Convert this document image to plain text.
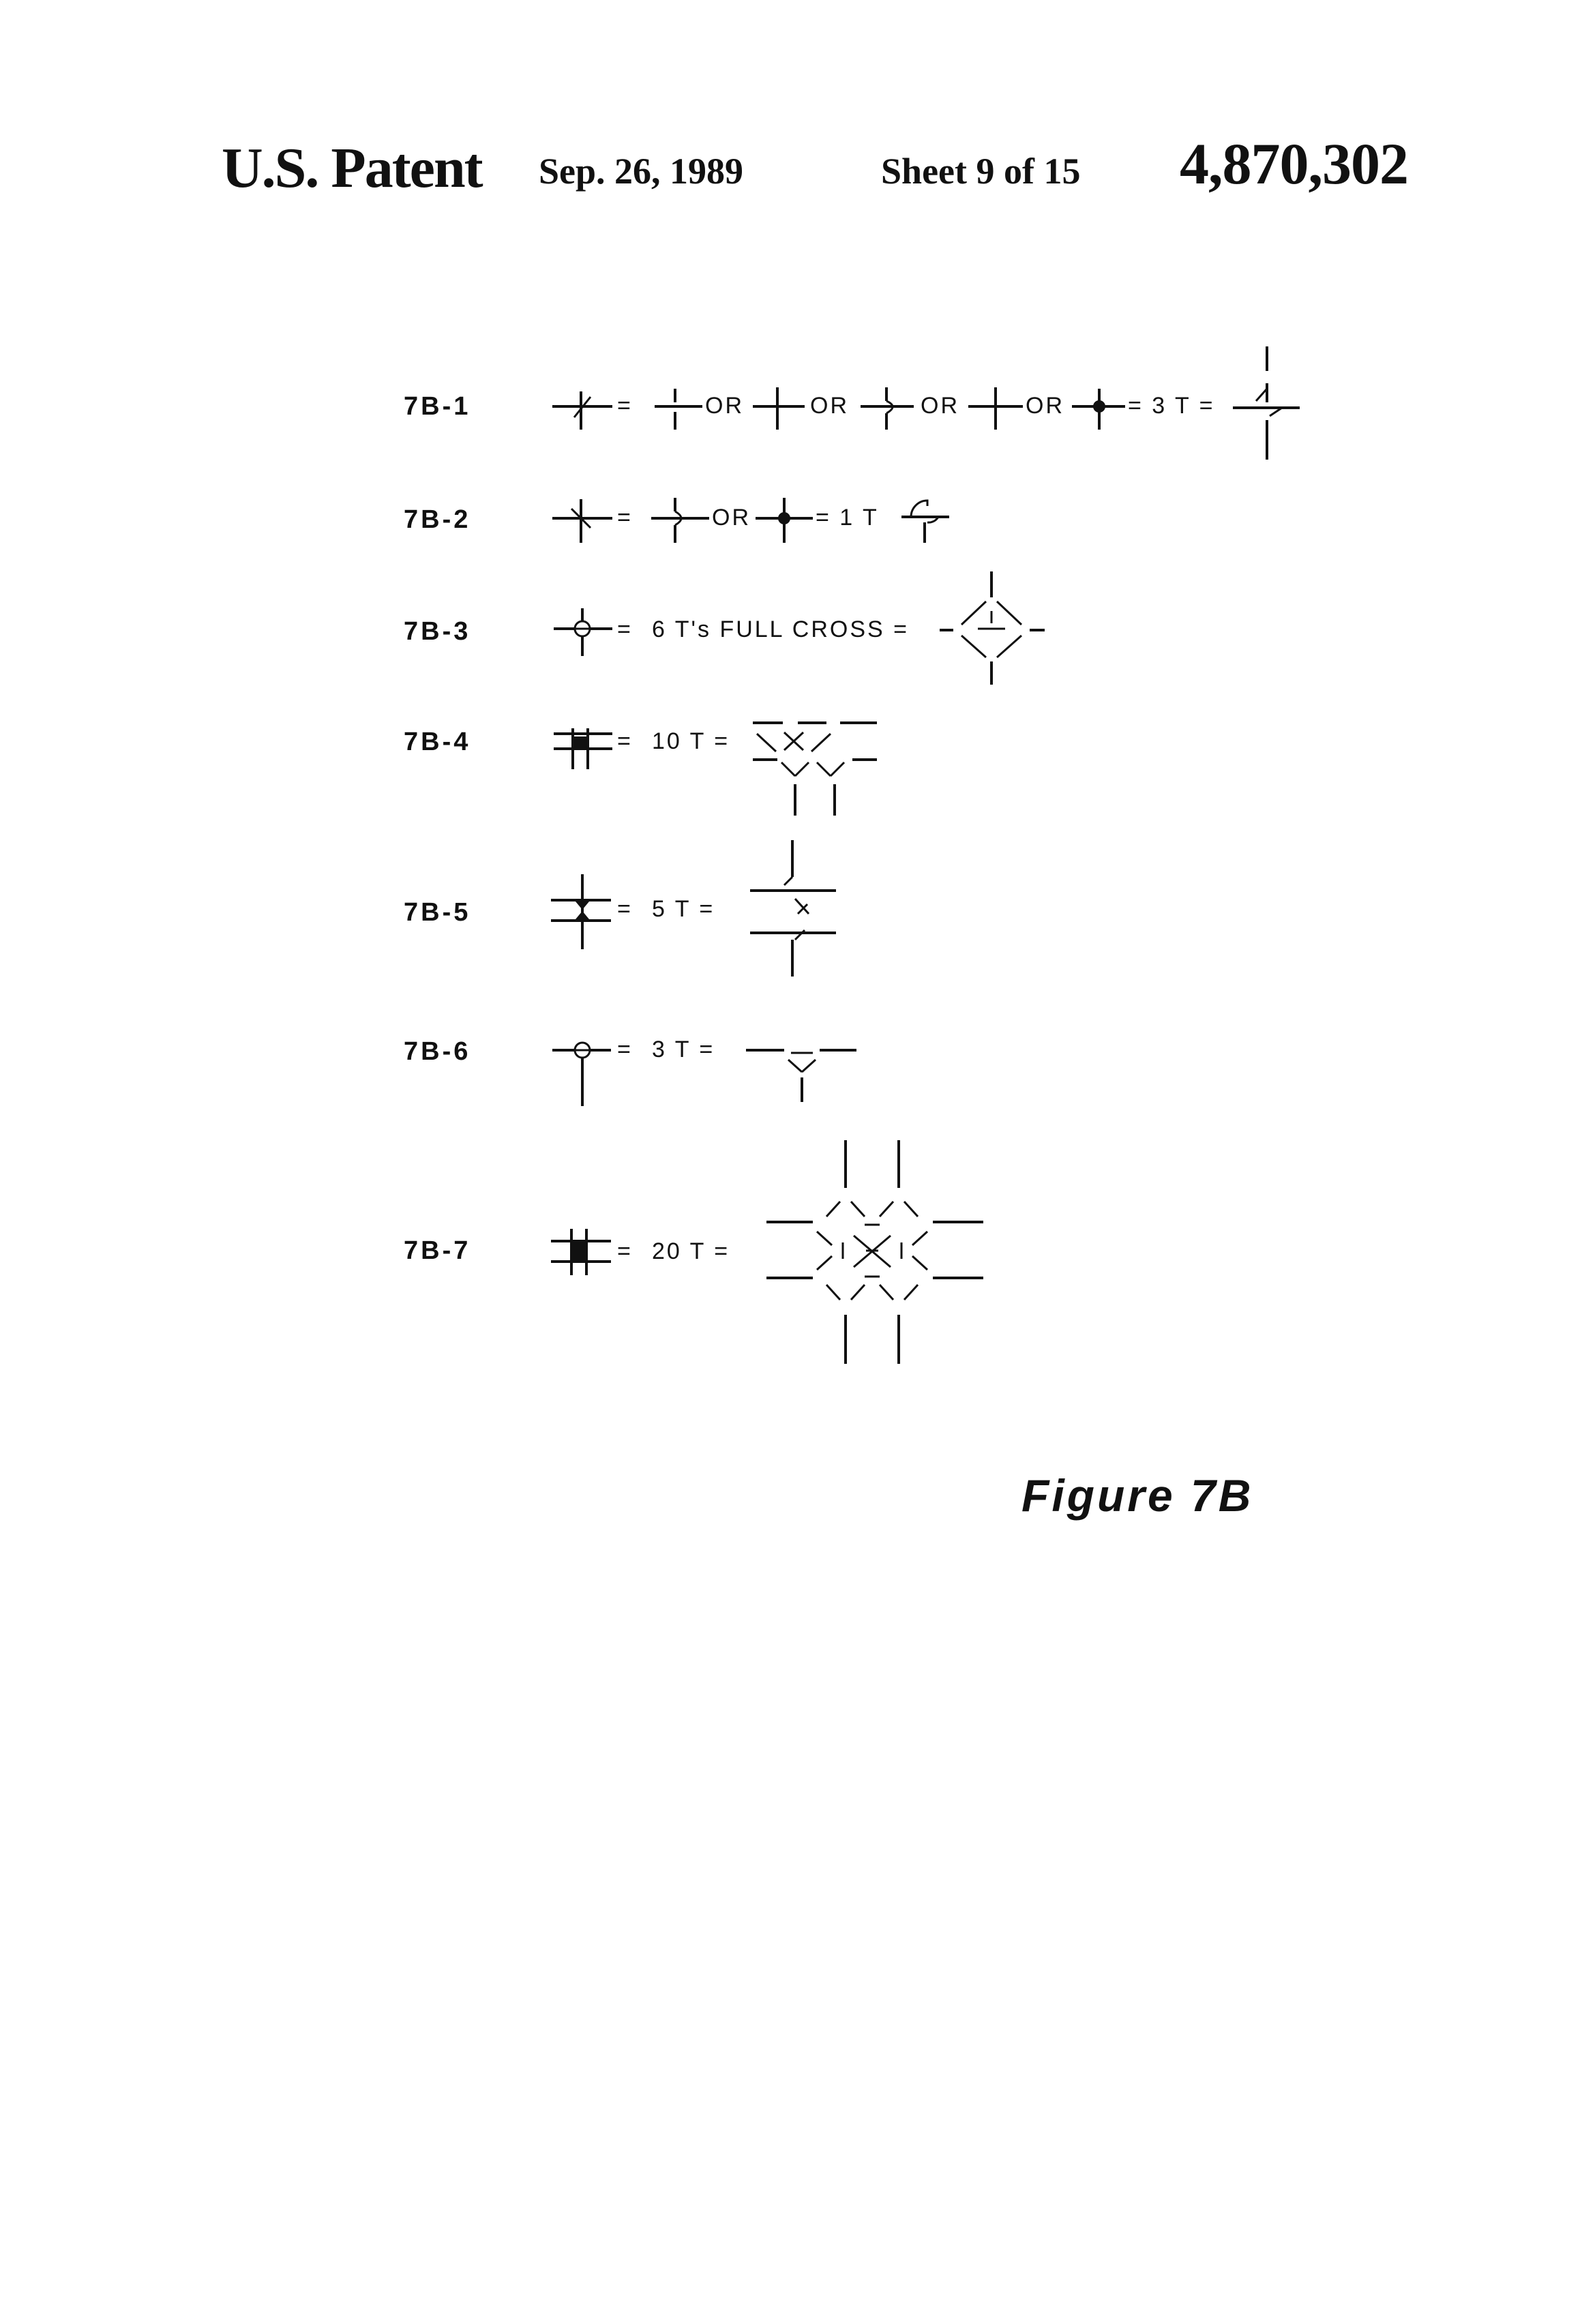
U.S. Patent Sep. 26, 1989	Sheet 9 of 15 4,870,302
7B-1	=	OR	OR	OR	OR	= 3 T =
7B-2	=	OR	= 1 T
7B-3	= 6 T's FULL CROSS =
7B-4	= 10 T =
7B-5	= 5 T =
7B-6	= 3 T =
7B-7	= 20 T =
Figure 7B
